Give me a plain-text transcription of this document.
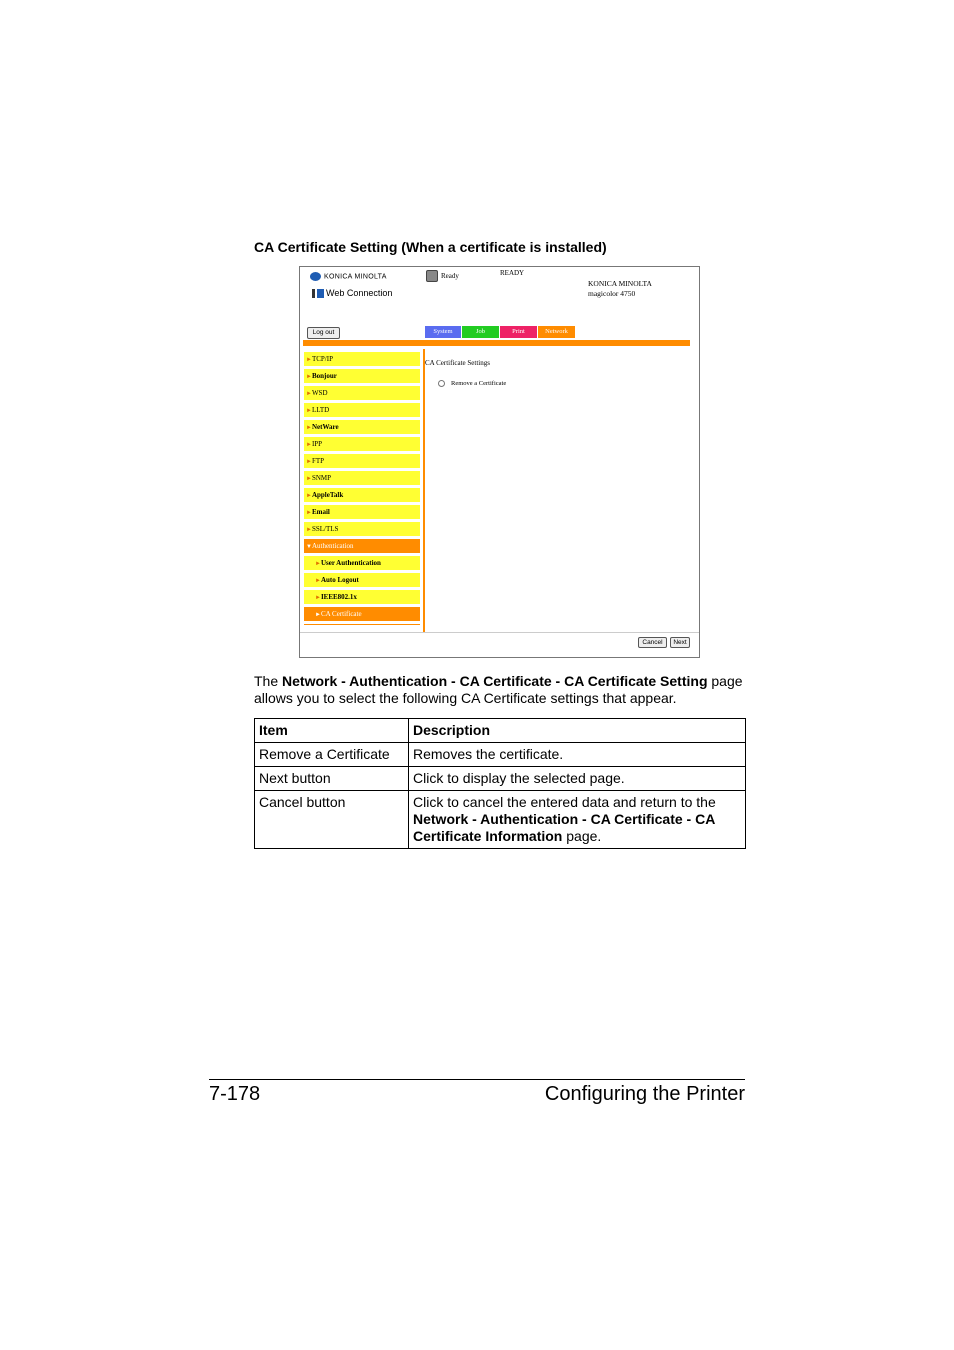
CA Certificate Setting (When a certificate is installed)
KONICA MINOLTA
Web Connection
Ready	READY
KONICA MINOLTA
magicolor 4750
Log out	System	Job	Print	Network
►TCP/IP
►Bonjour
►WSD
►LLTD
►NetWare
►IPP
►FTP
►SNMP
►AppleTalk
►Email
►SSL/TLS
▼Authentication
►User Authentication
►Auto Logout
►IEEE802.1x
►CA Certificate
CA Certificate Settings
Remove a Certificate
Cancel	Next
The Network - Authentication - CA Certificate - CA Certificate Setting page allows you to select the following CA Certificate settings that appear.
Item	Description
Remove a Certificate	Removes the certificate.
Next button	Click to display the selected page.
Cancel button	Click to cancel the entered data and return to the Network - Authentication - CA Certificate - CA Certificate Information page.
7-178	Configuring the Printer
